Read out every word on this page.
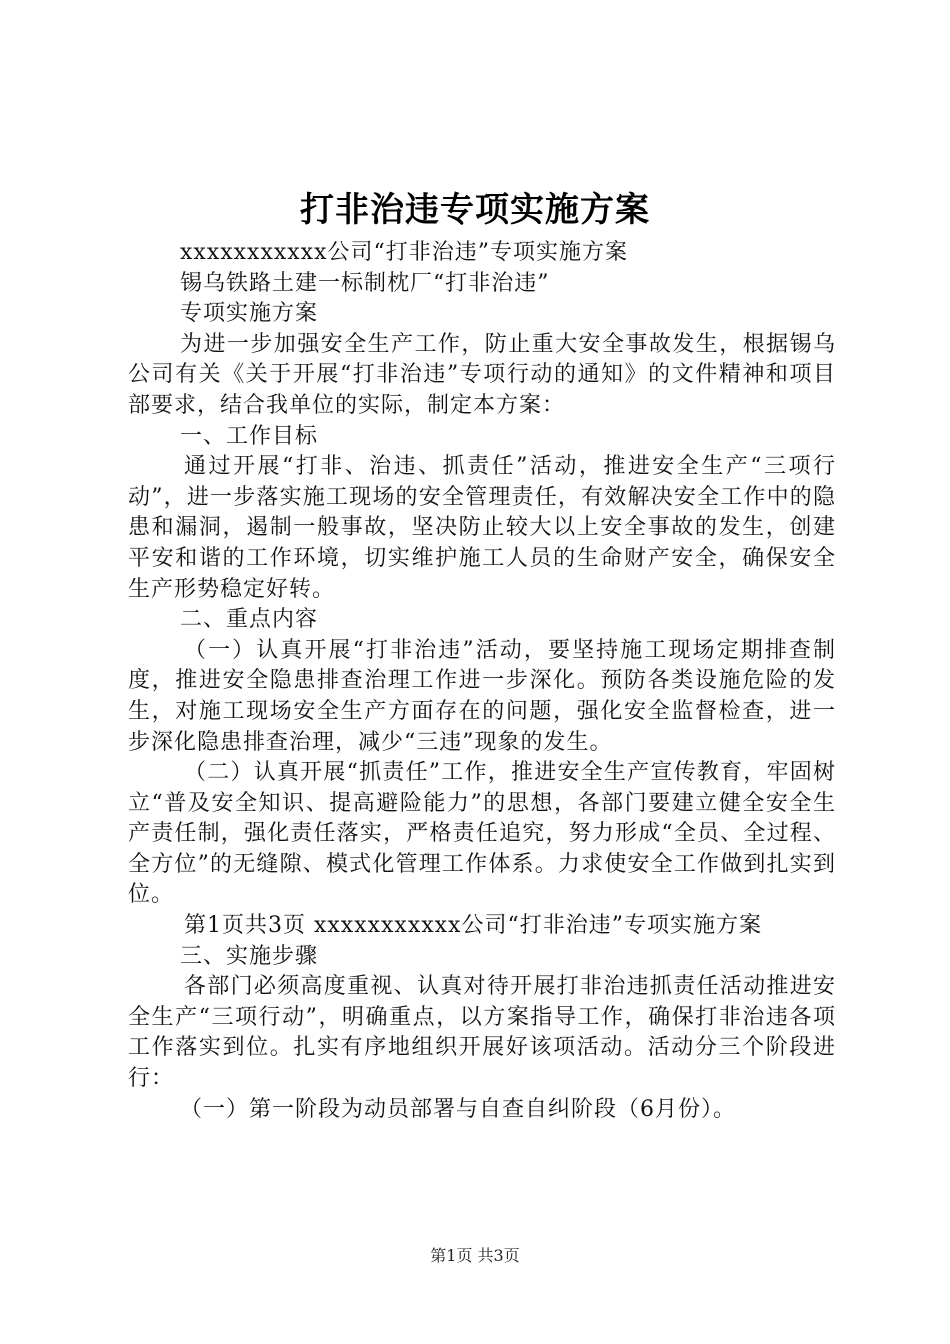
打非治违专项实施方案

xxxxxxxxxxx公司“打非治违”专项实施方案

锡乌铁路土建一标制枕厂“打非治违”

专项实施方案

为进一步加强安全生产工作，防止重大安全事故发生，根据锡乌公司有关《关于开展“打非治违”专项行动的通知》的文件精神和项目部要求，结合我单位的实际，制定本方案：

一、工作目标

通过开展“打非、治违、抓责任”活动，推进安全生产“三项行动”，进一步落实施工现场的安全管理责任，有效解决安全工作中的隐患和漏洞，遏制一般事故，坚决防止较大以上安全事故的发生，创建平安和谐的工作环境，切实维护施工人员的生命财产安全，确保安全生产形势稳定好转。

二、重点内容

（一）认真开展“打非治违”活动，要坚持施工现场定期排查制度，推进安全隐患排查治理工作进一步深化。预防各类设施危险的发生，对施工现场安全生产方面存在的问题，强化安全监督检查，进一步深化隐患排查治理，减少“三违”现象的发生。

（二）认真开展“抓责任”工作，推进安全生产宣传教育，牢固树立“普及安全知识、提高避险能力”的思想，各部门要建立健全安全生产责任制，强化责任落实，严格责任追究，努力形成“全员、全过程、全方位”的无缝隙、模式化管理工作体系。力求使安全工作做到扎实到位。

第1页共3页 xxxxxxxxxxx公司“打非治违”专项实施方案

三、实施步骤

各部门必须高度重视、认真对待开展打非治违抓责任活动推进安全生产“三项行动”，明确重点，以方案指导工作，确保打非治违各项工作落实到位。扎实有序地组织开展好该项活动。活动分三个阶段进行：

（一）第一阶段为动员部署与自查自纠阶段（6月份）。

第1页 共3页
